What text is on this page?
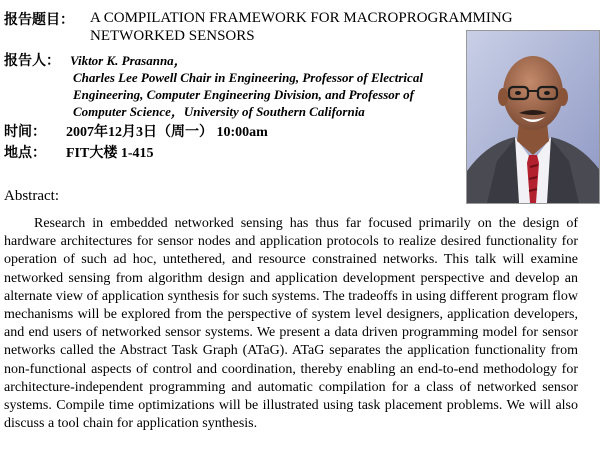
报告题目： A COMPILATION FRAMEWORK FOR MACROPROGRAMMING
NETWORKED SENSORS
报告人： Viktor K. Prasanna，
Charles Lee Powell Chair in Engineering, Professor of Electrical
Engineering, Computer Engineering Division, and Professor of
Computer Science，University of Southern California
时间： 2007年12月3日（周一） 10:00am
地点： FIT大楼 1-415
Abstract:
Research in embedded networked sensing has thus far focused primarily on the design of hardware architectures for sensor nodes and application protocols to realize desired functionality for operation of such ad hoc, untethered, and resource constrained networks. This talk will examine networked sensing from algorithm design and application development perspective and develop an alternate view of application synthesis for such systems. The tradeoffs in using different program flow mechanisms will be explored from the perspective of system level designers, application developers, and end users of networked sensor systems. We present a data driven programming model for sensor networks called the Abstract Task Graph (ATaG). ATaG separates the application functionality from non-functional aspects of control and coordination, thereby enabling an end-to-end methodology for architecture-independent programming and automatic compilation for a class of networked sensor systems. Compile time optimizations will be illustrated using task placement problems. We will also discuss a tool chain for application synthesis.
